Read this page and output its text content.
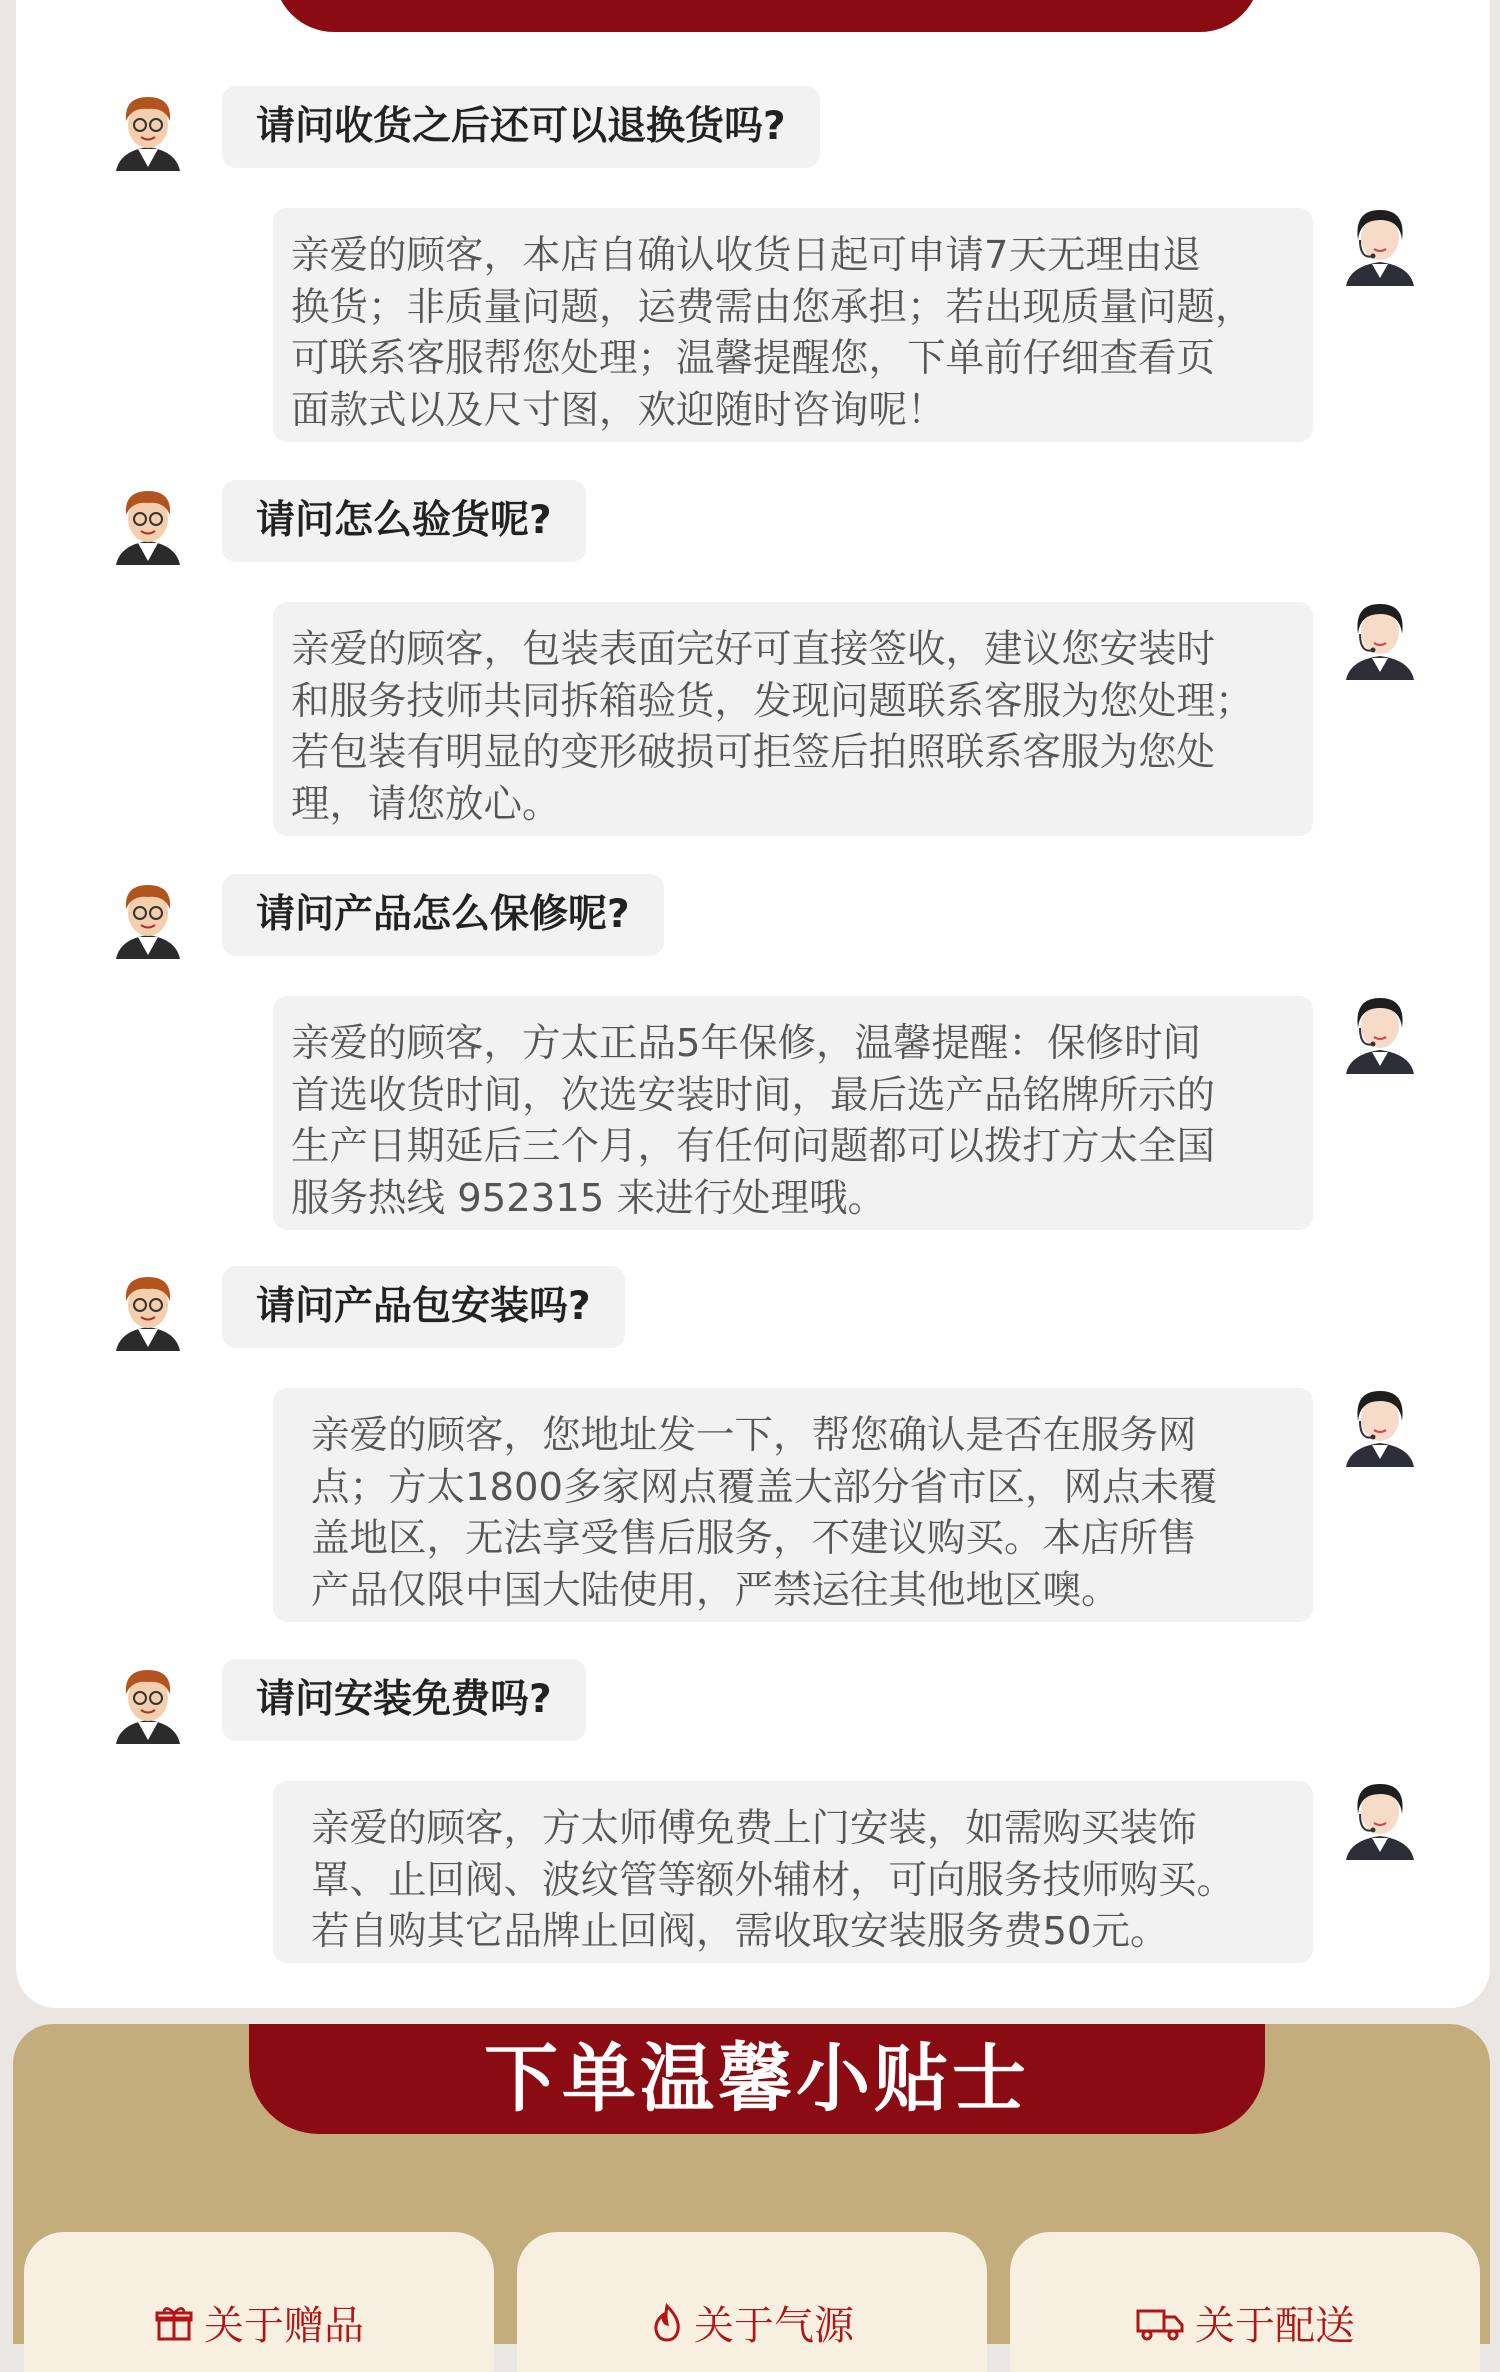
请问收货之后还可以退换货吗?
亲爱的顾客，本店自确认收货日起可申请7天无理由退
换货；非质量问题，运费需由您承担；若出现质量问题，
可联系客服帮您处理；温馨提醒您，下单前仔细查看页
面款式以及尺寸图，欢迎随时咨询呢！
请问怎么验货呢?
亲爱的顾客，包装表面完好可直接签收，建议您安装时
和服务技师共同拆箱验货，发现问题联系客服为您处理；
若包装有明显的变形破损可拒签后拍照联系客服为您处
理，请您放心。
请问产品怎么保修呢?
亲爱的顾客，方太正品5年保修，温馨提醒：保修时间
首选收货时间，次选安装时间，最后选产品铭牌所示的
生产日期延后三个月，有任何问题都可以拨打方太全国
服务热线 952315 来进行处理哦。
请问产品包安装吗?
亲爱的顾客，您地址发一下，帮您确认是否在服务网
点；方太1800多家网点覆盖大部分省市区，网点未覆
盖地区，无法享受售后服务，不建议购买。本店所售
产品仅限中国大陆使用，严禁运往其他地区噢。
请问安装免费吗?
亲爱的顾客，方太师傅免费上门安装，如需购买装饰
罩、止回阀、波纹管等额外辅材，可向服务技师购买。
若自购其它品牌止回阀，需收取安装服务费50元。
下单温馨小贴士
关于赠品	关于气源	关于配送
